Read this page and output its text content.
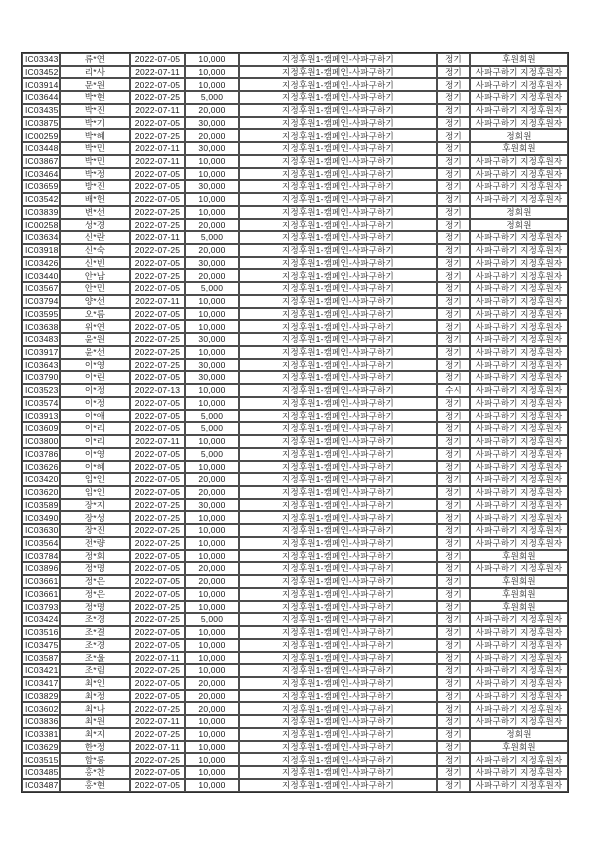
IC03343	류*연	2022-07-05	10,000	지정후원1-캠페인-사파구하기	정기	후원회원
IC03452	리*사	2022-07-11	10,000	지정후원1-캠페인-사파구하기	정기	사파구하기 지정후원자
IC03914	문*원	2022-07-05	10,000	지정후원1-캠페인-사파구하기	정기	사파구하기 지정후원자
IC03644	박*현	2022-07-25	5,000	지정후원1-캠페인-사파구하기	정기	사파구하기 지정후원자
IC03435	박*진	2022-07-11	20,000	지정후원1-캠페인-사파구하기	정기	사파구하기 지정후원자
IC03875	박*기	2022-07-05	30,000	지정후원1-캠페인-사파구하기	정기	사파구하기 지정후원자
IC00259	박*혜	2022-07-25	20,000	지정후원1-캠페인-사파구하기	정기	정회원
IC03448	박*민	2022-07-11	30,000	지정후원1-캠페인-사파구하기	정기	후원회원
IC03867	박*민	2022-07-11	10,000	지정후원1-캠페인-사파구하기	정기	사파구하기 지정후원자
IC03464	박*정	2022-07-05	10,000	지정후원1-캠페인-사파구하기	정기	사파구하기 지정후원자
IC03659	방*진	2022-07-05	30,000	지정후원1-캠페인-사파구하기	정기	사파구하기 지정후원자
IC03542	배*헌	2022-07-05	10,000	지정후원1-캠페인-사파구하기	정기	사파구하기 지정후원자
IC03839	변*선	2022-07-25	10,000	지정후원1-캠페인-사파구하기	정기	정회원
IC00258	성*경	2022-07-25	20,000	지정후원1-캠페인-사파구하기	정기	정회원
IC03634	신*란	2022-07-11	5,000	지정후원1-캠페인-사파구하기	정기	사파구하기 지정후원자
IC03918	신*숙	2022-07-25	20,000	지정후원1-캠페인-사파구하기	정기	사파구하기 지정후원자
IC03426	신*빈	2022-07-05	30,000	지정후원1-캠페인-사파구하기	정기	사파구하기 지정후원자
IC03440	안*남	2022-07-25	20,000	지정후원1-캠페인-사파구하기	정기	사파구하기 지정후원자
IC03567	안*민	2022-07-05	5,000	지정후원1-캠페인-사파구하기	정기	사파구하기 지정후원자
IC03794	양*선	2022-07-11	10,000	지정후원1-캠페인-사파구하기	정기	사파구하기 지정후원자
IC03595	오*름	2022-07-05	10,000	지정후원1-캠페인-사파구하기	정기	사파구하기 지정후원자
IC03638	위*연	2022-07-05	10,000	지정후원1-캠페인-사파구하기	정기	사파구하기 지정후원자
IC03483	윤*원	2022-07-25	30,000	지정후원1-캠페인-사파구하기	정기	사파구하기 지정후원자
IC03917	윤*선	2022-07-25	10,000	지정후원1-캠페인-사파구하기	정기	사파구하기 지정후원자
IC03643	이*영	2022-07-25	30,000	지정후원1-캠페인-사파구하기	정기	사파구하기 지정후원자
IC03790	이*린	2022-07-05	30,000	지정후원1-캠페인-사파구하기	정기	사파구하기 지정후원자
IC03523	이*정	2022-07-13	10,000	지정후원1-캠페인-사파구하기	수시	사파구하기 지정후원자
IC03574	이*정	2022-07-05	10,000	지정후원1-캠페인-사파구하기	정기	사파구하기 지정후원자
IC03913	이*애	2022-07-05	5,000	지정후원1-캠페인-사파구하기	정기	사파구하기 지정후원자
IC03609	이*리	2022-07-05	5,000	지정후원1-캠페인-사파구하기	정기	사파구하기 지정후원자
IC03800	이*리	2022-07-11	10,000	지정후원1-캠페인-사파구하기	정기	사파구하기 지정후원자
IC03786	이*영	2022-07-05	5,000	지정후원1-캠페인-사파구하기	정기	사파구하기 지정후원자
IC03626	이*혜	2022-07-05	10,000	지정후원1-캠페인-사파구하기	정기	사파구하기 지정후원자
IC03420	임*인	2022-07-05	20,000	지정후원1-캠페인-사파구하기	정기	사파구하기 지정후원자
IC03620	임*인	2022-07-05	20,000	지정후원1-캠페인-사파구하기	정기	사파구하기 지정후원자
IC03589	장*지	2022-07-25	30,000	지정후원1-캠페인-사파구하기	정기	사파구하기 지정후원자
IC03490	장*성	2022-07-25	10,000	지정후원1-캠페인-사파구하기	정기	사파구하기 지정후원자
IC03630	장*진	2022-07-25	10,000	지정후원1-캠페인-사파구하기	정기	사파구하기 지정후원자
IC03564	전*량	2022-07-25	10,000	지정후원1-캠페인-사파구하기	정기	사파구하기 지정후원자
IC03784	정*회	2022-07-05	10,000	지정후원1-캠페인-사파구하기	정기	후원회원
IC03896	정*명	2022-07-05	20,000	지정후원1-캠페인-사파구하기	정기	사파구하기 지정후원자
IC03661	정*은	2022-07-05	20,000	지정후원1-캠페인-사파구하기	정기	후원회원
IC03661	정*은	2022-07-05	10,000	지정후원1-캠페인-사파구하기	정기	후원회원
IC03793	정*명	2022-07-25	10,000	지정후원1-캠페인-사파구하기	정기	후원회원
IC03424	조*경	2022-07-25	5,000	지정후원1-캠페인-사파구하기	정기	사파구하기 지정후원자
IC03516	조*결	2022-07-05	10,000	지정후원1-캠페인-사파구하기	정기	사파구하기 지정후원자
IC03475	조*경	2022-07-05	10,000	지정후원1-캠페인-사파구하기	정기	사파구하기 지정후원자
IC03587	조*울	2022-07-11	10,000	지정후원1-캠페인-사파구하기	정기	사파구하기 지정후원자
IC03421	조*림	2022-07-25	10,000	지정후원1-캠페인-사파구하기	정기	사파구하기 지정후원자
IC03417	최*인	2022-07-05	20,000	지정후원1-캠페인-사파구하기	정기	사파구하기 지정후원자
IC03829	최*정	2022-07-05	20,000	지정후원1-캠페인-사파구하기	정기	사파구하기 지정후원자
IC03602	최*나	2022-07-25	20,000	지정후원1-캠페인-사파구하기	정기	사파구하기 지정후원자
IC03836	최*원	2022-07-11	10,000	지정후원1-캠페인-사파구하기	정기	사파구하기 지정후원자
IC03381	최*지	2022-07-25	10,000	지정후원1-캠페인-사파구하기	정기	정회원
IC03629	한*정	2022-07-11	10,000	지정후원1-캠페인-사파구하기	정기	후원회원
IC03515	함*롱	2022-07-25	10,000	지정후원1-캠페인-사파구하기	정기	사파구하기 지정후원자
IC03485	홍*찬	2022-07-05	10,000	지정후원1-캠페인-사파구하기	정기	사파구하기 지정후원자
IC03487	홍*현	2022-07-05	10,000	지정후원1-캠페인-사파구하기	정기	사파구하기 지정후원자
